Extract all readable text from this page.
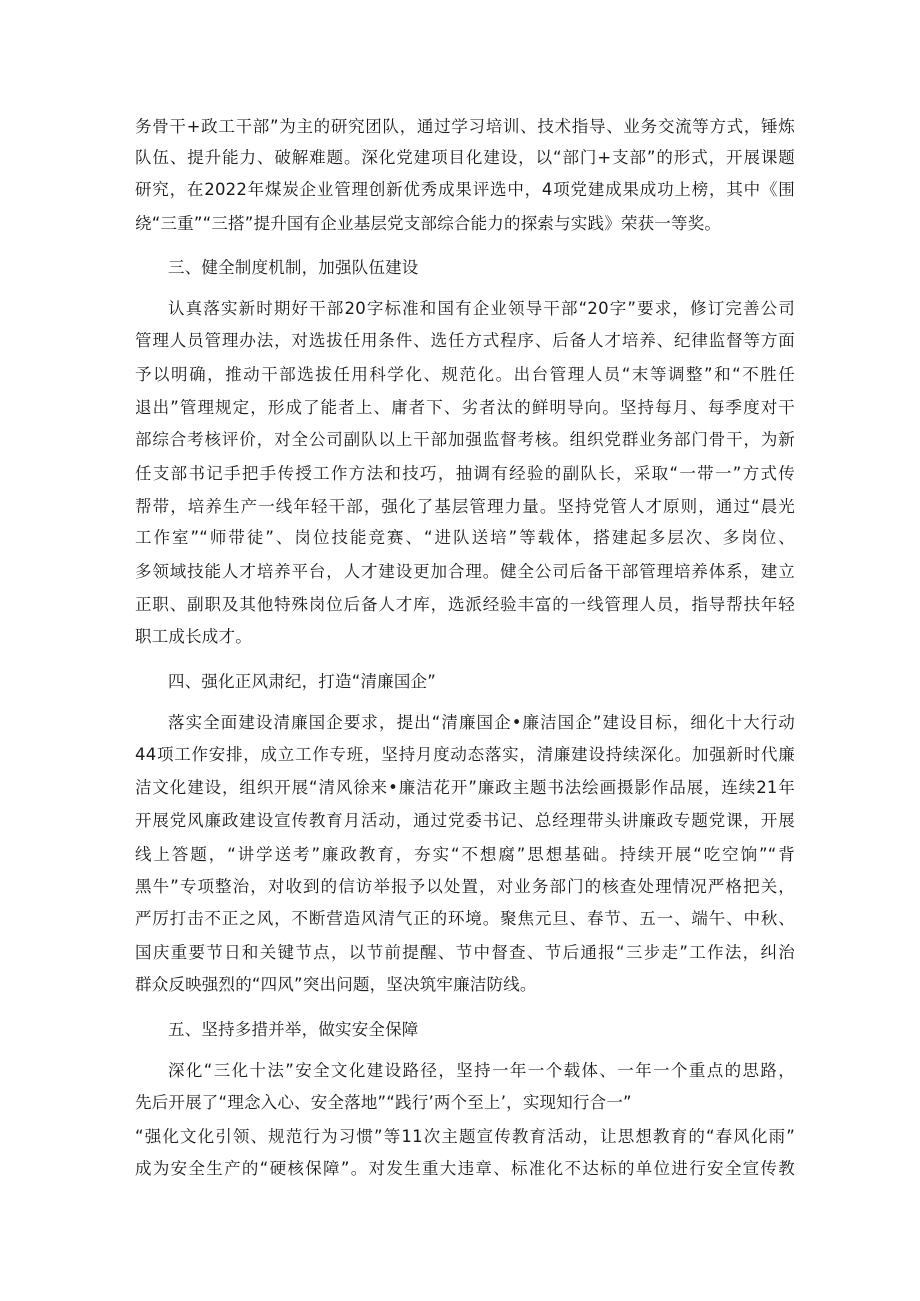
务骨干+政工干部”为主的研究团队，通过学习培训、技术指导、业务交流等方式，锤炼
队伍、提升能力、破解难题。深化党建项目化建设，以“部门+支部”的形式，开展课题
研究，在2022年煤炭企业管理创新优秀成果评选中，4项党建成果成功上榜，其中《围
绕“三重”“三搭”提升国有企业基层党支部综合能力的探索与实践》荣获一等奖。
三、健全制度机制，加强队伍建设
认真落实新时期好干部20字标准和国有企业领导干部“20字”要求，修订完善公司
管理人员管理办法，对选拔任用条件、选任方式程序、后备人才培养、纪律监督等方面
予以明确，推动干部选拔任用科学化、规范化。出台管理人员“末等调整”和“不胜任
退出”管理规定，形成了能者上、庸者下、劣者汰的鲜明导向。坚持每月、每季度对干
部综合考核评价，对全公司副队以上干部加强监督考核。组织党群业务部门骨干，为新
任支部书记手把手传授工作方法和技巧，抽调有经验的副队长，采取“一带一”方式传
帮带，培养生产一线年轻干部，强化了基层管理力量。坚持党管人才原则，通过“晨光
工作室”“师带徒”、岗位技能竞赛、“进队送培”等载体，搭建起多层次、多岗位、
多领域技能人才培养平台，人才建设更加合理。健全公司后备干部管理培养体系，建立
正职、副职及其他特殊岗位后备人才库，选派经验丰富的一线管理人员，指导帮扶年轻
职工成长成才。
四、强化正风肃纪，打造“清廉国企”
落实全面建设清廉国企要求，提出“清廉国企•廉洁国企”建设目标，细化十大行动
44项工作安排，成立工作专班，坚持月度动态落实，清廉建设持续深化。加强新时代廉
洁文化建设，组织开展“清风徐来•廉洁花开”廉政主题书法绘画摄影作品展，连续21年
开展党风廉政建设宣传教育月活动，通过党委书记、总经理带头讲廉政专题党课，开展
线上答题，“讲学送考”廉政教育，夯实“不想腐”思想基础。持续开展“吃空饷”“背
黑牛”专项整治，对收到的信访举报予以处置，对业务部门的核查处理情况严格把关，
严厉打击不正之风，不断营造风清气正的环境。聚焦元旦、春节、五一、端午、中秋、
国庆重要节日和关键节点，以节前提醒、节中督查、节后通报“三步走”工作法，纠治
群众反映强烈的“四风”突出问题，坚决筑牢廉洁防线。
五、坚持多措并举，做实安全保障
深化“三化十法”安全文化建设路径，坚持一年一个载体、一年一个重点的思路，
先后开展了“理念入心、安全落地”“践行’两个至上’，实现知行合一”
“强化文化引领、规范行为习惯”等11次主题宣传教育活动，让思想教育的“春风化雨”
成为安全生产的“硬核保障”。对发生重大违章、标准化不达标的单位进行安全宣传教
